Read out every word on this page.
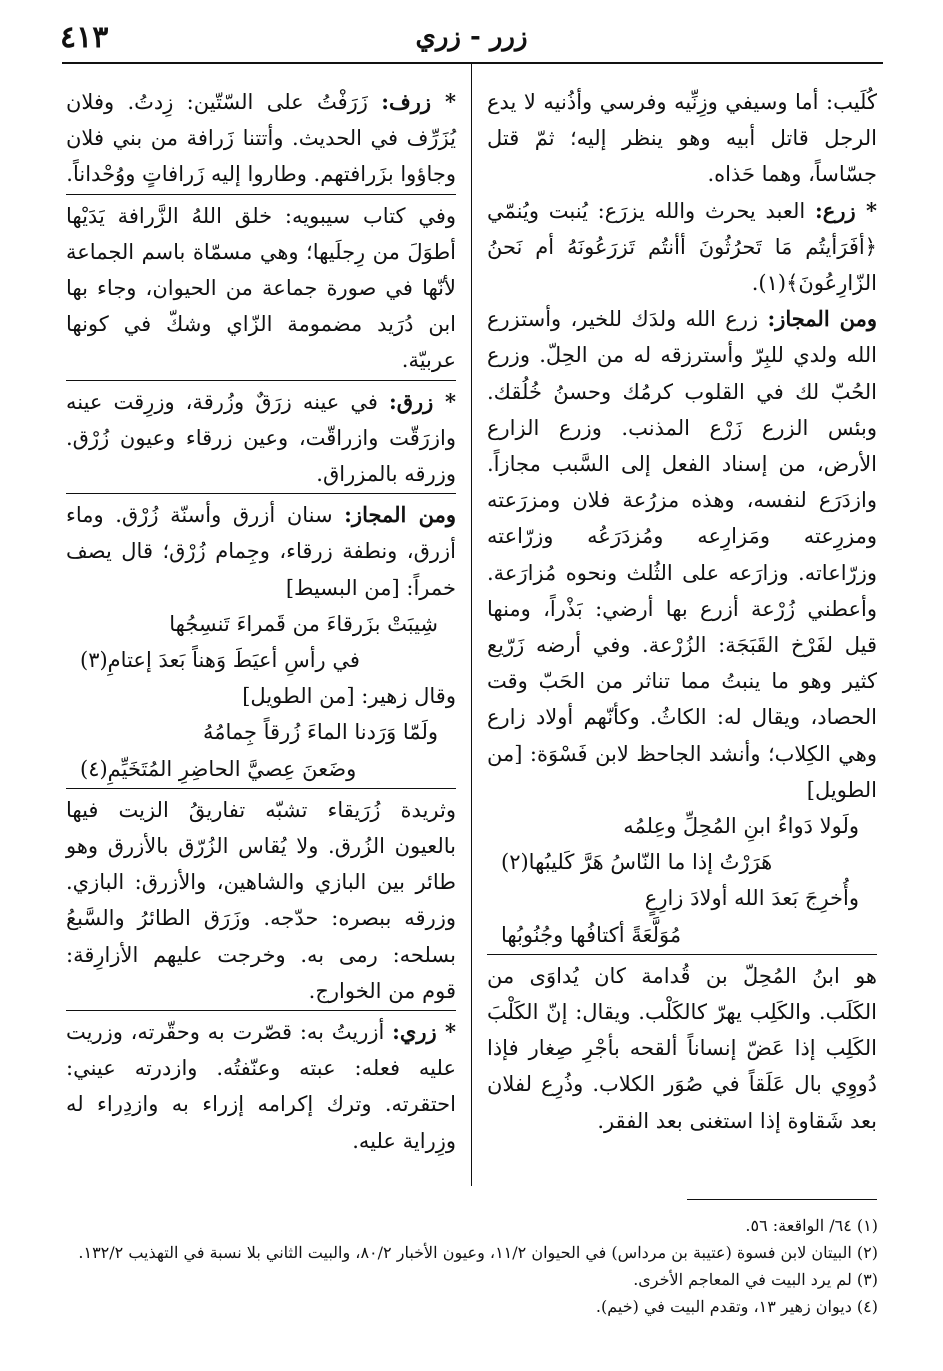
زرر - زري
٤١٣

كُلَيب: أما وسيفي وزِنِّيه وفرسي وأذُنيه لا يدع الرجل قاتل أبيه وهو ينظر إليه؛ ثمّ قتل جسّاساً، وهما حَذاه.

* زرع: العبد يحرث والله يزرَع: يُنبت ويُنمّي ﴿أفَرَأيتُم مَا تَحرُثُونَ أأنتُم تَزرَعُونَهُ أم نَحنُ الزّارِعُونَ﴾(١).

ومن المجاز: زرع الله ولدَك للخير، وأستزرع الله ولدي للبِرّ وأسترزقه له من الحِلّ. وزرع الحُبّ لك في القلوب كرمُك وحسنُ خُلُقك. وبئس الزرع زَرْع المذنب. وزرع الزارع الأرض، من إسناد الفعل إلى السَّبب مجازاً. وازدَرَع لنفسه، وهذه مزرُعة فلان ومزرَعته ومزرِعته ومَزارِعه ومُزدَرَعُه وزرّاعته وزرّاعاته. وزارَعه على الثُلث ونحوه مُزارَعة. وأعطني زُرْعة أزرع بها أرضي: بَذْراً، ومنها قيل لفَرْخ القَبَجَة: الزُرْعة. وفي أرضه زَرّيع كثير وهو ما ينبتُ مما تناثر من الحَبّ وقت الحصاد، ويقال له: الكاثُ. وكأنّهم أولاد زارع وهي الكِلاب؛ وأنشد الجاحظ لابن فَسْوَة: [من الطويل]

ولَولا دَواءُ ابنِ المُحِلِّ وعِلمُه

هَرَرْتُ إذا ما النّاسُ هَرَّ كَليبُها(٢)

وأُخرِجَ بَعدَ الله أولادَ زارِعٍ

مُوَلَّعَةً أكتافُها وجُنُوبُها

هو ابنُ المُحِلّ بن قُدامة كان يُداوَى من الكَلَب. والكَلِب يهرّ كالكَلْب. ويقال: إنّ الكَلْبَ الكَلِب إذا عَضّ إنساناً ألقحه بأجْرِ صِغار فإذا دُووِي بال عَلَقاً في صُوَر الكلاب. وذُرِع لفلان بعد شَقاوة إذا استغنى بعد الفقر.

* زرف: زَرَفْتُ على السّتّين: زِدتُ. وفلان يُزَرِّف في الحديث. وأتتنا زَرافة من بني فلان وجاؤوا بزَرافتهم. وطاروا إليه زَرافاتٍ ووُحْداناً.

وفي كتاب سيبويه: خلق اللهُ الزَّرافة يَدَيْها أطوَلَ من رِجلَيها؛ وهي مسمّاة باسم الجماعة لأنّها في صورة جماعة من الحيوان، وجاء بها ابن دُرَيد مضمومة الزّاي وشكّ في كونها عربيّة.

* زرق: في عينه زرَقٌ وزُرقة، وزرِقت عينه وازرَقّت وازراقّت، وعين زرقاء وعيون زُرْق. وزرقه بالمزراق.

ومن المجاز: سنان أزرق وأسنّة زُرْق. وماء أزرق، ونطفة زرقاء، وجِمام زُرْق؛ قال يصف خمراً: [من البسيط]

شِيبَتْ بزَرقاءَ من قَمراءَ تَنسِجُها

في رأسِ أعيَطَ وَهناً بَعدَ إعتامِ(٣)

وقال زهير: [من الطويل]

ولَمّا وَرَدنا الماءَ زُرقاً جِمامُهُ

وضَعنَ عِصيَّ الحاضِرِ المُتَخَيِّمِ(٤)

وثريدة زُرَيقاء تشبّه تفاريقُ الزيت فيها بالعيون الزُرق. ولا يُقاس الزُرّق بالأزرق وهو طائر بين البازي والشاهين، والأزرق: البازي. وزرقه ببصره: حدّجه. وزَرَق الطائرُ والسَّبعُ بسلحه: رمى به. وخرجت عليهم الأزارِقة: قوم من الخوارج.

* زري: أزريتُ به: قصّرت به وحقّرته، وزريت عليه فعله: عبته وعنّفتُه. وازدرته عيني: احتقرته. وترك إكرامه إزراء به وازدِراء له وزِراية عليه.

(١) ٦٤/ الواقعة: ٥٦.

(٢) البيتان لابن فسوة (عتيبة بن مرداس) في الحيوان ١١/٢، وعيون الأخبار ٨٠/٢، والبيت الثاني بلا نسبة في التهذيب ١٣٢/٢.

(٣) لم يرد البيت في المعاجم الأخرى.

(٤) ديوان زهير ١٣، وتقدم البيت في (خيم).
